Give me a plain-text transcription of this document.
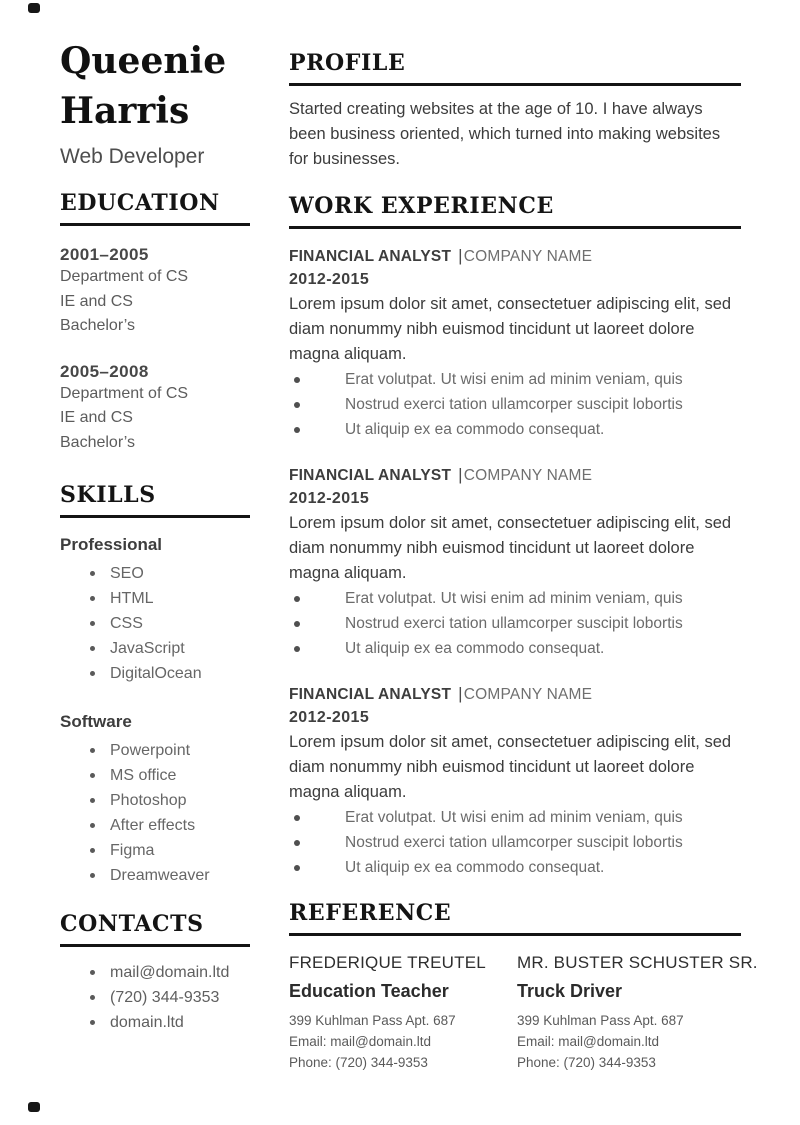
Queenie Harris
Web Developer
EDUCATION
2001–2005
Department of CS
IE and CS
Bachelor’s
2005–2008
Department of CS
IE and CS
Bachelor’s
SKILLS
Professional
SEO
HTML
CSS
JavaScript
DigitalOcean
Software
Powerpoint
MS office
Photoshop
After effects
Figma
Dreamweaver
CONTACTS
mail@domain.ltd
(720) 344-9353
domain.ltd
PROFILE
Started creating websites at the age of 10. I have always been business oriented, which turned into making websites for businesses.
WORK EXPERIENCE
FINANCIAL ANALYST |COMPANY NAME
2012-2015
Lorem ipsum dolor sit amet, consectetuer adipiscing elit, sed diam nonummy nibh euismod tincidunt ut laoreet dolore magna aliquam.
Erat volutpat. Ut wisi enim ad minim veniam, quis
Nostrud exerci tation ullamcorper suscipit lobortis
Ut aliquip ex ea commodo consequat.
FINANCIAL ANALYST |COMPANY NAME
2012-2015
Lorem ipsum dolor sit amet, consectetuer adipiscing elit, sed diam nonummy nibh euismod tincidunt ut laoreet dolore magna aliquam.
Erat volutpat. Ut wisi enim ad minim veniam, quis
Nostrud exerci tation ullamcorper suscipit lobortis
Ut aliquip ex ea commodo consequat.
FINANCIAL ANALYST |COMPANY NAME
2012-2015
Lorem ipsum dolor sit amet, consectetuer adipiscing elit, sed diam nonummy nibh euismod tincidunt ut laoreet dolore magna aliquam.
Erat volutpat. Ut wisi enim ad minim veniam, quis
Nostrud exerci tation ullamcorper suscipit lobortis
Ut aliquip ex ea commodo consequat.
REFERENCE
FREDERIQUE TREUTEL
Education Teacher
399 Kuhlman Pass Apt. 687
Email: mail@domain.ltd
Phone: (720) 344-9353
MR. BUSTER SCHUSTER SR.
Truck Driver
399 Kuhlman Pass Apt. 687
Email: mail@domain.ltd
Phone: (720) 344-9353
